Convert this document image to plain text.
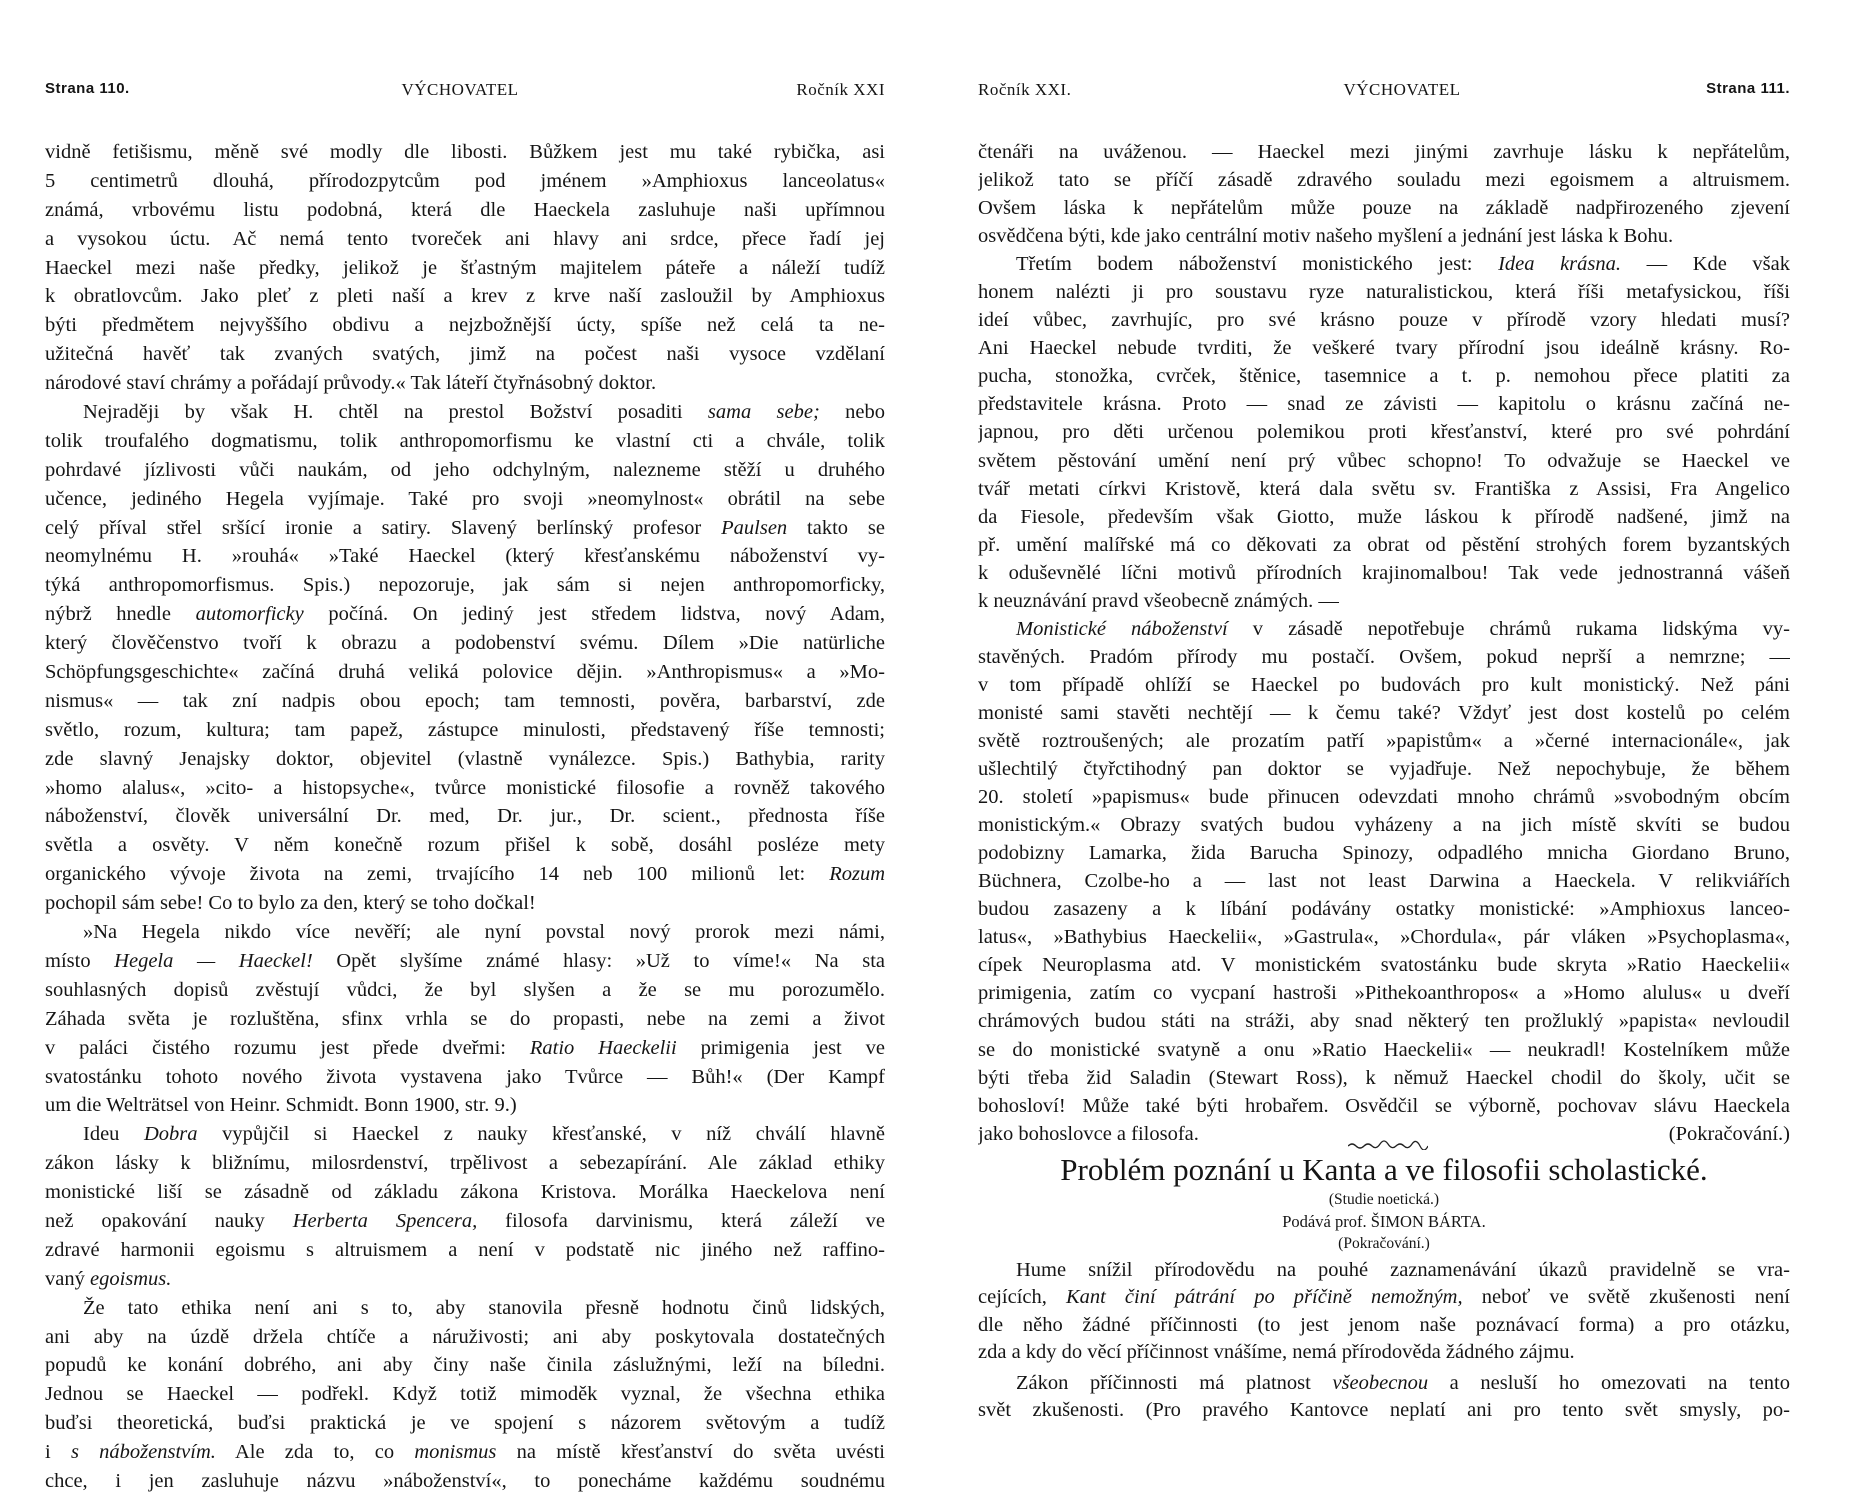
Strana 110.	VÝCHOVATEL	Ročník XXI	Ročník XXI.	VÝCHOVATEL	Strana 111.
vidně fetišismu, měně své modly dle libosti. Bůžkem jest mu také rybička, asi
5 centimetrů dlouhá, přírodozpytcům pod jménem »Amphioxus lanceolatus«
známá, vrbovému listu podobná, která dle Haeckela zasluhuje naši upřímnou
a vysokou úctu. Ač nemá tento tvoreček ani hlavy ani srdce, přece řadí jej
Haeckel mezi naše předky, jelikož je šťastným majitelem páteře a náleží tudíž
k obratlovcům. Jako pleť z pleti naší a krev z krve naší zasloužil by Amphioxus
býti předmětem nejvyššího obdivu a nejzbožnější úcty, spíše než celá ta ne-
užitečná havěť tak zvaných svatých, jimž na počest naši vysoce vzdělaní
národové staví chrámy a pořádají průvody.« Tak láteří čtyřnásobný doktor.
Nejraději by však H. chtěl na prestol Božství posaditi sama sebe; nebo
tolik troufalého dogmatismu, tolik anthropomorfismu ke vlastní cti a chvále, tolik
pohrdavé jízlivosti vůči naukám, od jeho odchylným, nalezneme stěží u druhého
učence, jediného Hegela vyjímaje. Také pro svoji »neomylnost« obrátil na sebe
celý příval střel sršící ironie a satiry. Slavený berlínský profesor Paulsen takto se
neomylnému H. »rouhá« »Také Haeckel (který křesťanskému náboženství vy-
týká anthropomorfismus. Spis.) nepozoruje, jak sám si nejen anthropomorficky,
nýbrž hnedle automorficky počíná. On jediný jest středem lidstva, nový Adam,
který člověčenstvo tvoří k obrazu a podobenství svému. Dílem »Die natürliche
Schöpfungsgeschichte« začíná druhá veliká polovice dějin. »Anthropismus« a »Mo-
nismus« — tak zní nadpis obou epoch; tam temnosti, pověra, barbarství, zde
světlo, rozum, kultura; tam papež, zástupce minulosti, představený říše temnosti;
zde slavný Jenajsky doktor, objevitel (vlastně vynálezce. Spis.) Bathybia, rarity
»homo alalus«, »cito- a histopsyche«, tvůrce monistické filosofie a rovněž takového
náboženství, člověk universální Dr. med, Dr. jur., Dr. scient., přednosta říše
světla a osvěty. V něm konečně rozum přišel k sobě, dosáhl posléze mety
organického vývoje života na zemi, trvajícího 14 neb 100 milionů let: Rozum
pochopil sám sebe! Co to bylo za den, který se toho dočkal!
»Na Hegela nikdo více nevěří; ale nyní povstal nový prorok mezi námi,
místo Hegela — Haeckel! Opět slyšíme známé hlasy: »Už to víme!« Na sta
souhlasných dopisů zvěstují vůdci, že byl slyšen a že se mu porozumělo.
Záhada světa je rozluštěna, sfinx vrhla se do propasti, nebe na zemi a život
v paláci čistého rozumu jest přede dveřmi: Ratio Haeckelii primigenia jest ve
svatostánku tohoto nového života vystavena jako Tvůrce — Bůh!« (Der Kampf
um die Welträtsel von Heinr. Schmidt. Bonn 1900, str. 9.)
Ideu Dobra vypůjčil si Haeckel z nauky křesťanské, v níž chválí hlavně
zákon lásky k bližnímu, milosrdenství, trpělivost a sebezapírání. Ale základ ethiky
monistické liší se zásadně od základu zákona Kristova. Morálka Haeckelova není
než opakování nauky Herberta Spencera, filosofa darvinismu, která záleží ve
zdravé harmonii egoismu s altruismem a není v podstatě nic jiného než raffino-
vaný egoismus.
Že tato ethika není ani s to, aby stanovila přesně hodnotu činů lidských,
ani aby na úzdě držela chtíče a náruživosti; ani aby poskytovala dostatečných
popudů ke konání dobrého, ani aby činy naše činila záslužnými, leží na bíledni.
Jednou se Haeckel — podřekl. Když totiž mimoděk vyznal, že všechna ethika
buďsi theoretická, buďsi praktická je ve spojení s názorem světovým a tudíž
i s náboženstvím. Ale zda to, co monismus na místě křesťanství do světa uvésti
chce, i jen zasluhuje názvu »náboženství«, to ponecháme každému soudnému
čtenáři na uváženou. — Haeckel mezi jinými zavrhuje lásku k nepřátelům,
jelikož tato se příčí zásadě zdravého souladu mezi egoismem a altruismem.
Ovšem láska k nepřátelům může pouze na základě nadpřirozeného zjevení
osvědčena býti, kde jako centrální motiv našeho myšlení a jednání jest láska k Bohu.
Třetím bodem náboženství monistického jest: Idea krásna. — Kde však
honem nalézti ji pro soustavu ryze naturalistickou, která říši metafysickou, říši
ideí vůbec, zavrhujíc, pro své krásno pouze v přírodě vzory hledati musí?
Ani Haeckel nebude tvrditi, že veškeré tvary přírodní jsou ideálně krásny. Ro-
pucha, stonožka, cvrček, štěnice, tasemnice a t. p. nemohou přece platiti za
představitele krásna. Proto — snad ze závisti — kapitolu o krásnu začíná ne-
japnou, pro děti určenou polemikou proti křesťanství, které pro své pohrdání
světem pěstování umění není prý vůbec schopno! To odvažuje se Haeckel ve
tvář metati církvi Kristově, která dala světu sv. Františka z Assisi, Fra Angelico
da Fiesole, především však Giotto, muže láskou k přírodě nadšené, jimž na
př. umění malířské má co děkovati za obrat od pěstění strohých forem byzantských
k oduševnělé líčni motivů přírodních krajinomalbou! Tak vede jednostranná vášeň
k neuznávání pravd všeobecně známých. —
Monistické náboženství v zásadě nepotřebuje chrámů rukama lidskýma vy-
stavěných. Pradóm přírody mu postačí. Ovšem, pokud neprší a nemrzne; —
v tom případě ohlíží se Haeckel po budovách pro kult monistický. Než páni
monisté sami stavěti nechtějí — k čemu také? Vždyť jest dost kostelů po celém
světě roztroušených; ale prozatím patří »papistům« a »černé internacionále«, jak
ušlechtilý čtyřctihodný pan doktor se vyjadřuje. Než nepochybuje, že během
20. století »papismus« bude přinucen odevzdati mnoho chrámů »svobodným obcím
monistickým.« Obrazy svatých budou vyházeny a na jich místě skvíti se budou
podobizny Lamarka, žida Barucha Spinozy, odpadlého mnicha Giordano Bruno,
Büchnera, Czolbe-ho a — last not least Darwina a Haeckela. V relikviářích
budou zasazeny a k líbání podávány ostatky monistické: »Amphioxus lanceo-
latus«, »Bathybius Haeckelii«, »Gastrula«, »Chordula«, pár vláken »Psychoplasma«,
cípek Neuroplasma atd. V monistickém svatostánku bude skryta »Ratio Haeckelii«
primigenia, zatím co vycpaní hastroši »Pithekoanthropos« a »Homo alulus« u dveří
chrámových budou státi na stráži, aby snad některý ten prožluklý »papista« nevloudil
se do monistické svatyně a onu »Ratio Haeckelii« — neukradl! Kostelníkem může
býti třeba žid Saladin (Stewart Ross), k němuž Haeckel chodil do školy, učit se
bohosloví! Může také býti hrobařem. Osvědčil se výborně, pochovav slávu Haeckela
jako bohoslovce a filosofa.	(Pokračování.)
Problém poznání u Kanta a ve filosofii scholastické.
(Studie noetická.)
Podává prof. ŠIMON BÁRTA.
(Pokračování.)
Hume snížil přírodovědu na pouhé zaznamenávání úkazů pravidelně se vra-
cejících, Kant činí pátrání po příčině nemožným, neboť ve světě zkušenosti není
dle něho žádné příčinnosti (to jest jenom naše poznávací forma) a pro otázku,
zda a kdy do věcí příčinnost vnášíme, nemá přírodověda žádného zájmu.
Zákon příčinnosti má platnost všeobecnou a nesluší ho omezovati na tento
svět zkušenosti. (Pro pravého Kantovce neplatí ani pro tento svět smysly, po-
